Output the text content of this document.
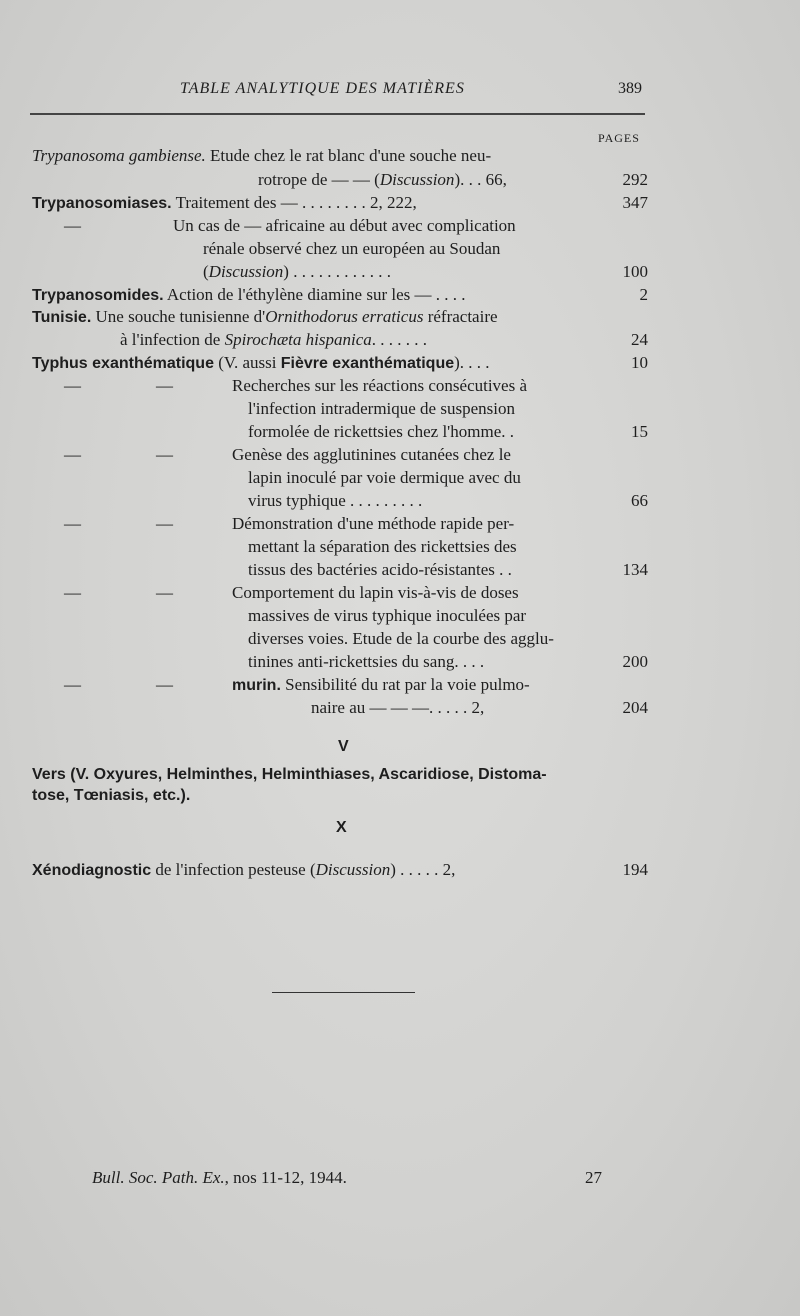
TABLE ANALYTIQUE DES MATIÈRES	389
PAGES
Trypanosoma gambiense. Etude chez le rat blanc d'une souche neu-
rotrope de — — (Discussion). . . 66,	292
Trypanosomiases. Traitement des — . . . . . . . . 2, 222,	347
—	Un cas de — africaine au début avec complication
rénale observé chez un européen au Soudan
(Discussion) . . . . . . . . . . . .	100
Trypanosomides. Action de l'éthylène diamine sur les — . . . .	2
Tunisie. Une souche tunisienne d'Ornithodorus erraticus réfractaire
à l'infection de Spirochæta hispanica. . . . . . .	24
Typhus exanthématique (V. aussi Fièvre exanthématique). . . .	10
—	—	Recherches sur les réactions consécutives à
l'infection intradermique de suspension
formolée de rickettsies chez l'homme. .	15
—	—	Genèse des agglutinines cutanées chez le
lapin inoculé par voie dermique avec du
virus typhique . . . . . . . . .	66
—	—	Démonstration d'une méthode rapide per-
mettant la séparation des rickettsies des
tissus des bactéries acido-résistantes . .	134
—	—	Comportement du lapin vis-à-vis de doses
massives de virus typhique inoculées par
diverses voies. Etude de la courbe des agglu-
tinines anti-rickettsies du sang. . . .	200
—	—	murin. Sensibilité du rat par la voie pulmo-
naire au — — —. . . . . 2,	204
V
Vers (V. Oxyures, Helminthes, Helminthiases, Ascaridiose, Distoma-
tose, Tœniasis, etc.).
X
Xénodiagnostic de l'infection pesteuse (Discussion) . . . . . 2,	194
Bull. Soc. Path. Ex., nos 11-12, 1944.	27
